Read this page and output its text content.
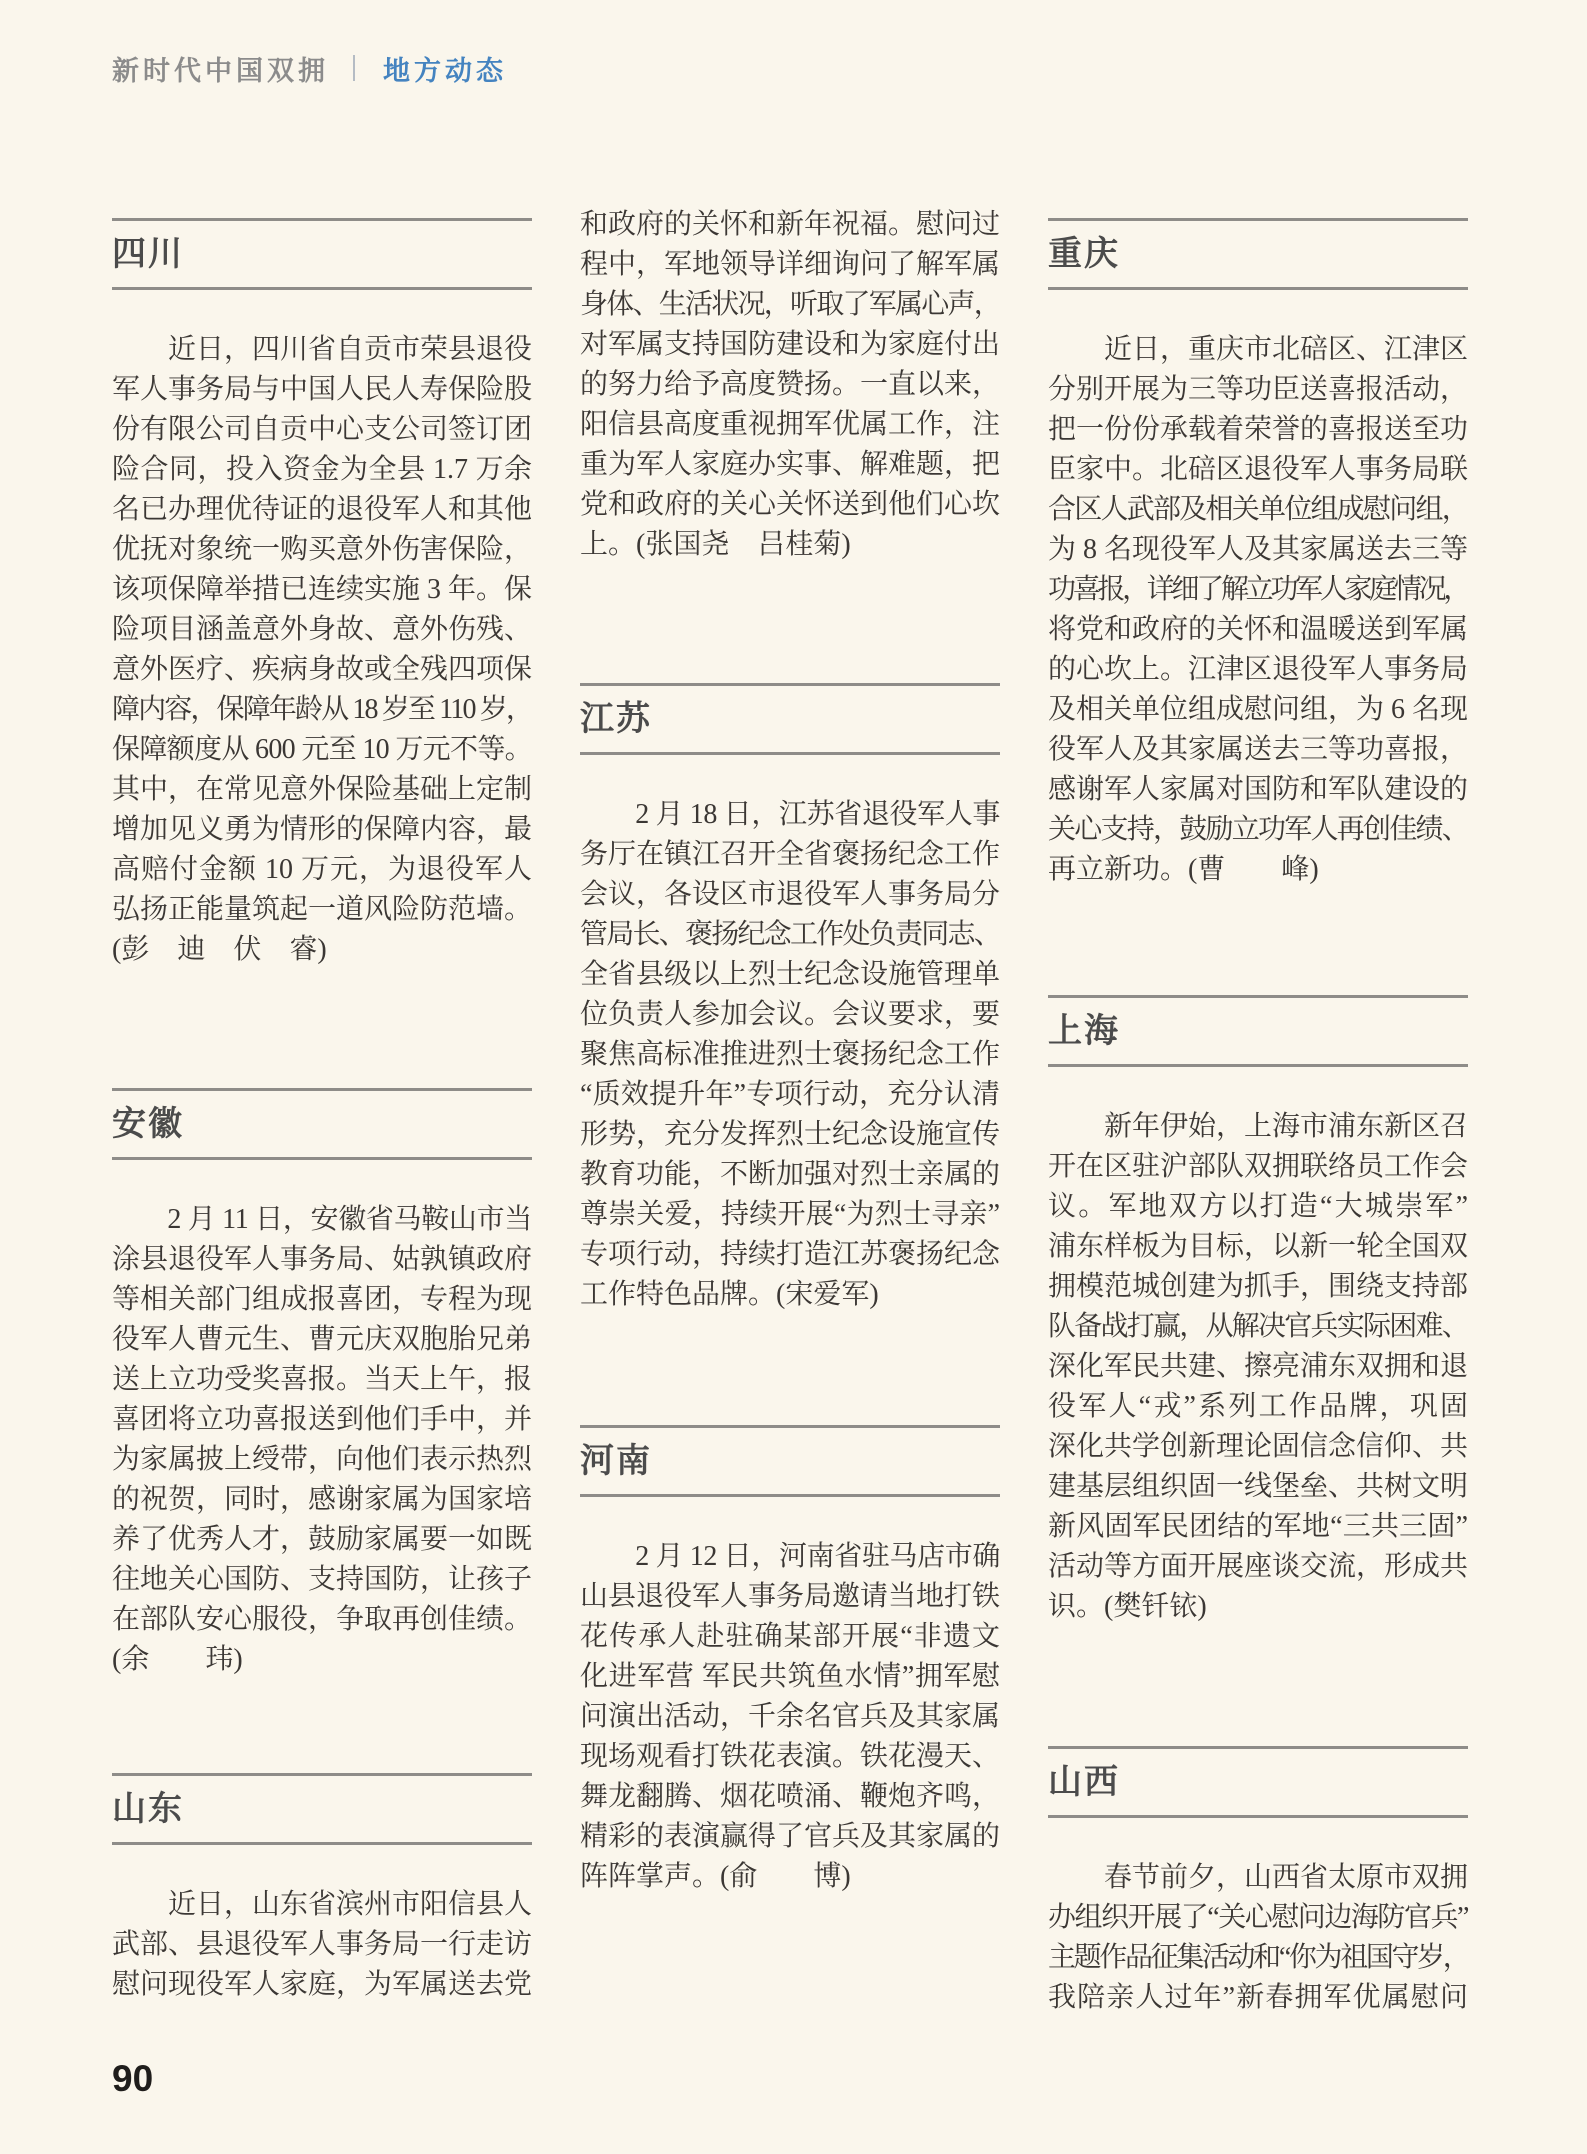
新时代中国双拥 地方动态
四川
　　近日，四川省自贡市荣县退役
军人事务局与中国人民人寿保险股
份有限公司自贡中心支公司签订团
险合同，投入资金为全县 1.7 万余
名已办理优待证的退役军人和其他
优抚对象统一购买意外伤害保险，
该项保障举措已连续实施 3 年。保
险项目涵盖意外身故、意外伤残、
意外医疗、疾病身故或全残四项保
障内容，保障年龄从 18 岁至 110 岁，
保障额度从 600 元至 10 万元不等。
其中，在常见意外保险基础上定制
增加见义勇为情形的保障内容，最
高赔付金额 10 万元，为退役军人
弘扬正能量筑起一道风险防范墙。
(彭　迪　伏　睿)
安徽
　　2 月 11 日，安徽省马鞍山市当
涂县退役军人事务局、姑孰镇政府
等相关部门组成报喜团，专程为现
役军人曹元生、曹元庆双胞胎兄弟
送上立功受奖喜报。当天上午，报
喜团将立功喜报送到他们手中，并
为家属披上绶带，向他们表示热烈
的祝贺，同时，感谢家属为国家培
养了优秀人才，鼓励家属要一如既
往地关心国防、支持国防，让孩子
在部队安心服役，争取再创佳绩。
(余　　玮)
山东
　　近日，山东省滨州市阳信县人
武部、县退役军人事务局一行走访
慰问现役军人家庭，为军属送去党
和政府的关怀和新年祝福。慰问过
程中，军地领导详细询问了解军属
身体、生活状况，听取了军属心声，
对军属支持国防建设和为家庭付出
的努力给予高度赞扬。一直以来，
阳信县高度重视拥军优属工作，注
重为军人家庭办实事、解难题，把
党和政府的关心关怀送到他们心坎
上。(张国尧　吕桂菊)
江苏
　　2 月 18 日，江苏省退役军人事
务厅在镇江召开全省褒扬纪念工作
会议，各设区市退役军人事务局分
管局长、褒扬纪念工作处负责同志、
全省县级以上烈士纪念设施管理单
位负责人参加会议。会议要求，要
聚焦高标准推进烈士褒扬纪念工作
“质效提升年”专项行动，充分认清
形势，充分发挥烈士纪念设施宣传
教育功能，不断加强对烈士亲属的
尊崇关爱，持续开展“为烈士寻亲”
专项行动，持续打造江苏褒扬纪念
工作特色品牌。(宋爱军)
河南
　　2 月 12 日，河南省驻马店市确
山县退役军人事务局邀请当地打铁
花传承人赴驻确某部开展“非遗文
化进军营 军民共筑鱼水情”拥军慰
问演出活动，千余名官兵及其家属
现场观看打铁花表演。铁花漫天、
舞龙翻腾、烟花喷涌、鞭炮齐鸣，
精彩的表演赢得了官兵及其家属的
阵阵掌声。(俞　　博)
重庆
　　近日，重庆市北碚区、江津区
分别开展为三等功臣送喜报活动，
把一份份承载着荣誉的喜报送至功
臣家中。北碚区退役军人事务局联
合区人武部及相关单位组成慰问组，
为 8 名现役军人及其家属送去三等
功喜报，详细了解立功军人家庭情况，
将党和政府的关怀和温暖送到军属
的心坎上。江津区退役军人事务局
及相关单位组成慰问组，为 6 名现
役军人及其家属送去三等功喜报，
感谢军人家属对国防和军队建设的
关心支持，鼓励立功军人再创佳绩、
再立新功。(曹　　峰)
上海
　　新年伊始，上海市浦东新区召
开在区驻沪部队双拥联络员工作会
议。军地双方以打造“大城崇军”
浦东样板为目标，以新一轮全国双
拥模范城创建为抓手，围绕支持部
队备战打赢，从解决官兵实际困难、
深化军民共建、擦亮浦东双拥和退
役军人“戎”系列工作品牌，巩固
深化共学创新理论固信念信仰、共
建基层组织固一线堡垒、共树文明
新风固军民团结的军地“三共三固”
活动等方面开展座谈交流，形成共
识。(樊钎铱)
山西
　　春节前夕，山西省太原市双拥
办组织开展了“关心慰问边海防官兵”
主题作品征集活动和“你为祖国守岁，
我陪亲人过年”新春拥军优属慰问
90
